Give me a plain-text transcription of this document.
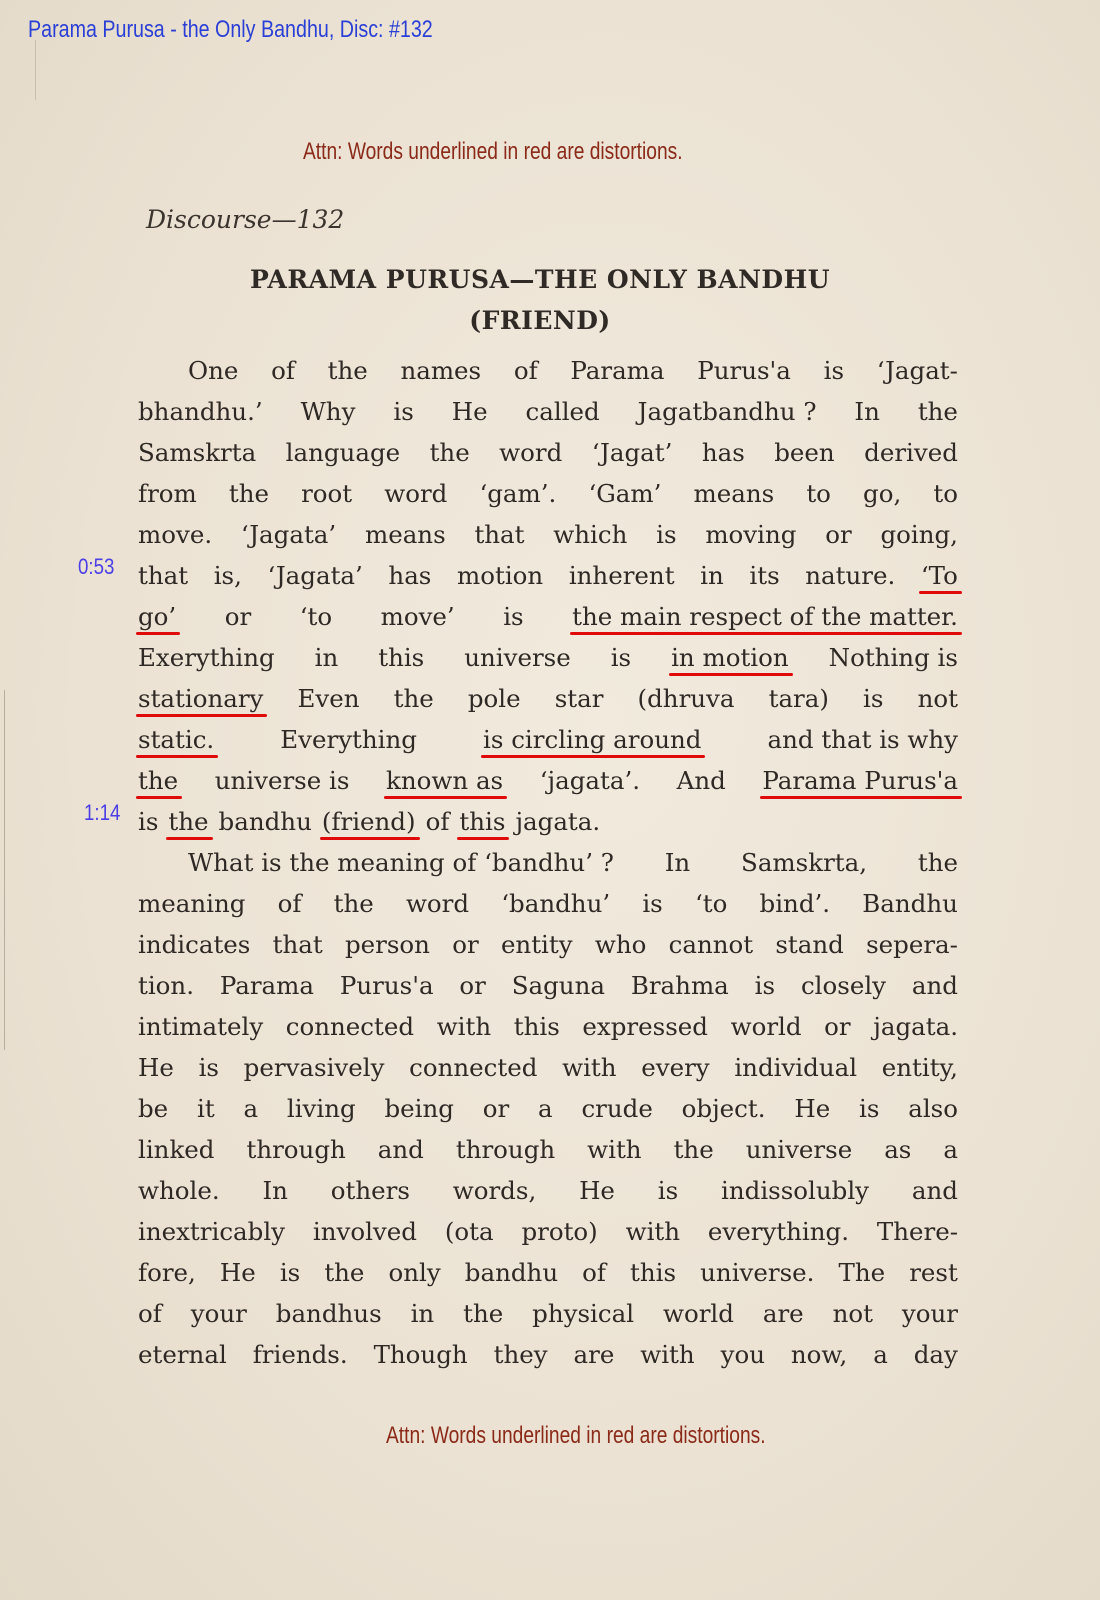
Parama Purusa - the Only Bandhu, Disc: #132
Attn: Words underlined in red are distortions.
Discourse—132
PARAMA PURUSA—THE ONLY BANDHU
(FRIEND)
0:53
1:14
One of the names of Parama Purus'a is ‘Jagat-
bhandhu.’ Why is He called Jagatbandhu ? In the
Samskrta language the word ‘Jagat’ has been derived
from the root word ‘gam’. ‘Gam’ means to go, to
move. ‘Jagata’ means that which is moving or going,
that is, ‘Jagata’ has motion inherent in its nature. ‘To
go’ or ‘to move’ is the main respect of the matter.
Exerything in this universe is in motion Nothing is
stationary Even the pole star (dhruva tara) is not
static.	Everything	is circling around	and that is why
the universe is known as ‘jagata’. And Parama Purus'a
is the bandhu (friend) of this jagata.
What is the meaning of ‘bandhu’ ? In Samskrta, the
meaning of the word ‘bandhu’ is ‘to bind’. Bandhu
indicates that person or entity who cannot stand sepera-
tion. Parama Purus'a or Saguna Brahma is closely and
intimately connected with this expressed world or jagata.
He is pervasively connected with every individual entity,
be it a living being or a crude object. He is also
linked through and through with the universe as a
whole. In others words, He is indissolubly and
inextricably involved (ota proto) with everything. There-
fore, He is the only bandhu of this universe. The rest
of your bandhus in the physical world are not your
eternal friends. Though they are with you now, a day
Attn: Words underlined in red are distortions.
